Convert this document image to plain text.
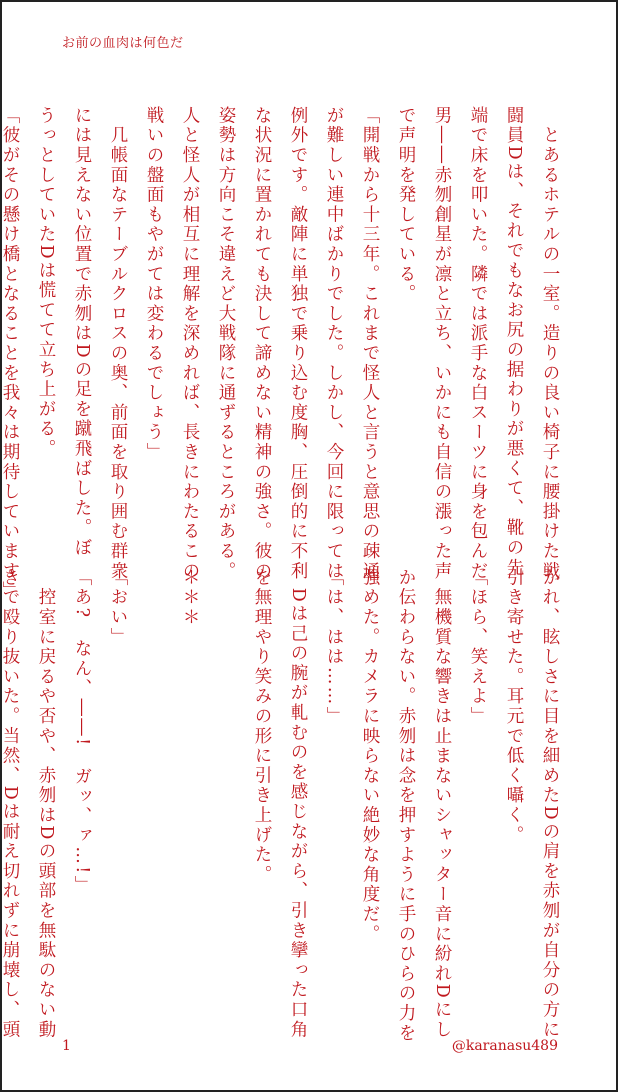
お前の血肉は何色だ
　とあるホテルの一室。造りの良い椅子に腰掛けた戦
闘員Dは、それでもなお尻の据わりが悪くて、靴の先
端で床を叩いた。隣では派手な白スーツに身を包んだ
男――赤刎創星が凛と立ち、いかにも自信の漲った声
で声明を発している。
「開戦から十三年。これまで怪人と言うと意思の疎通
が難しい連中ばかりでした。しかし、今回に限っては
例外です。敵陣に単独で乗り込む度胸、圧倒的に不利
な状況に置かれても決して諦めない精神の強さ。彼の
姿勢は方向こそ違えど大戦隊に通ずるところがある。
人と怪人が相互に理解を深めれば、長きにわたるこの
戦いの盤面もやがては変わるでしょう」
　几帳面なテーブルクロスの奥、前面を取り囲む群衆
には見えない位置で赤刎はDの足を蹴飛ばした。ぼ
うっとしていたDは慌てて立ち上がる。
「彼がその懸け橋となることを我々は期待しています」
かれ、眩しさに目を細めたDの肩を赤刎が自分の方に
引き寄せた。耳元で低く囁く。
「ほら、笑えよ」
　無機質な響きは止まないシャッター音に紛れDにし
か伝わらない。赤刎は念を押すように手のひらの力を
強めた。カメラに映らない絶妙な角度だ。
「は、はは……」
　Dは己の腕が軋むのを感じながら、引き攣った口角
を無理やり笑みの形に引き上げた。
＊＊＊
「おい」
「あ?　なん、――!　ガッ、ァ…!」
　控室に戻るや否や、赤刎はDの頭部を無駄のない動
きで殴り抜いた。当然、Dは耐え切れずに崩壊し、頭
1	@karanasu489
